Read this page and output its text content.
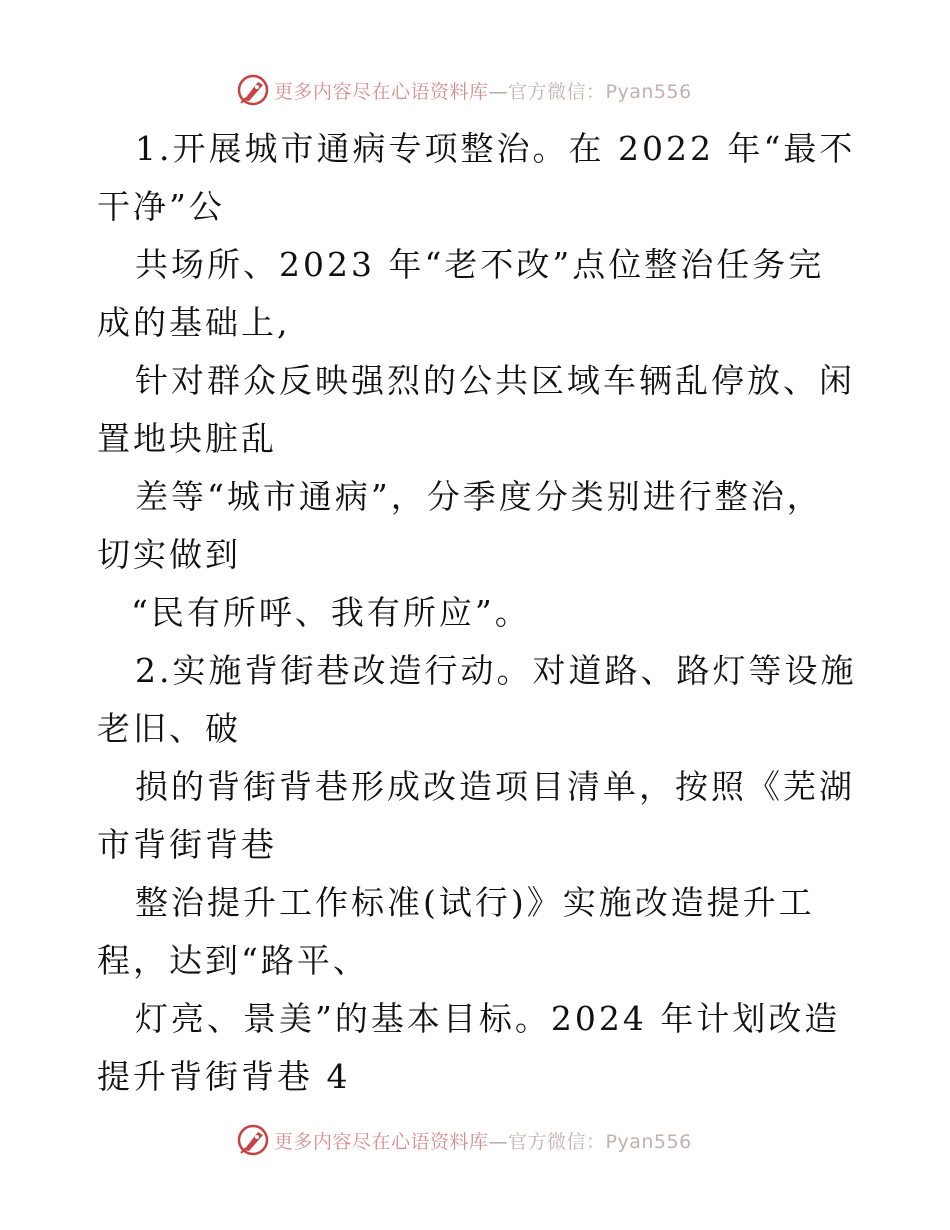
更多内容尽在心语资料库—官方微信：Pyan556

1.开展城市通病专项整治。在 2022 年“最不干净”公

共场所、2023 年“老不改”点位整治任务完成的基础上,

针对群众反映强烈的公共区域车辆乱停放、闲置地块脏乱

差等“城市通病”，分季度分类别进行整治，切实做到

“民有所呼、我有所应”。

2.实施背街巷改造行动。对道路、路灯等设施老旧、破

损的背街背巷形成改造项目清单，按照《芜湖市背街背巷

整治提升工作标准(试行)》实施改造提升工程，达到“路平、

灯亮、景美”的基本目标。2024 年计划改造提升背街背巷 4

更多内容尽在心语资料库—官方微信：Pyan556
